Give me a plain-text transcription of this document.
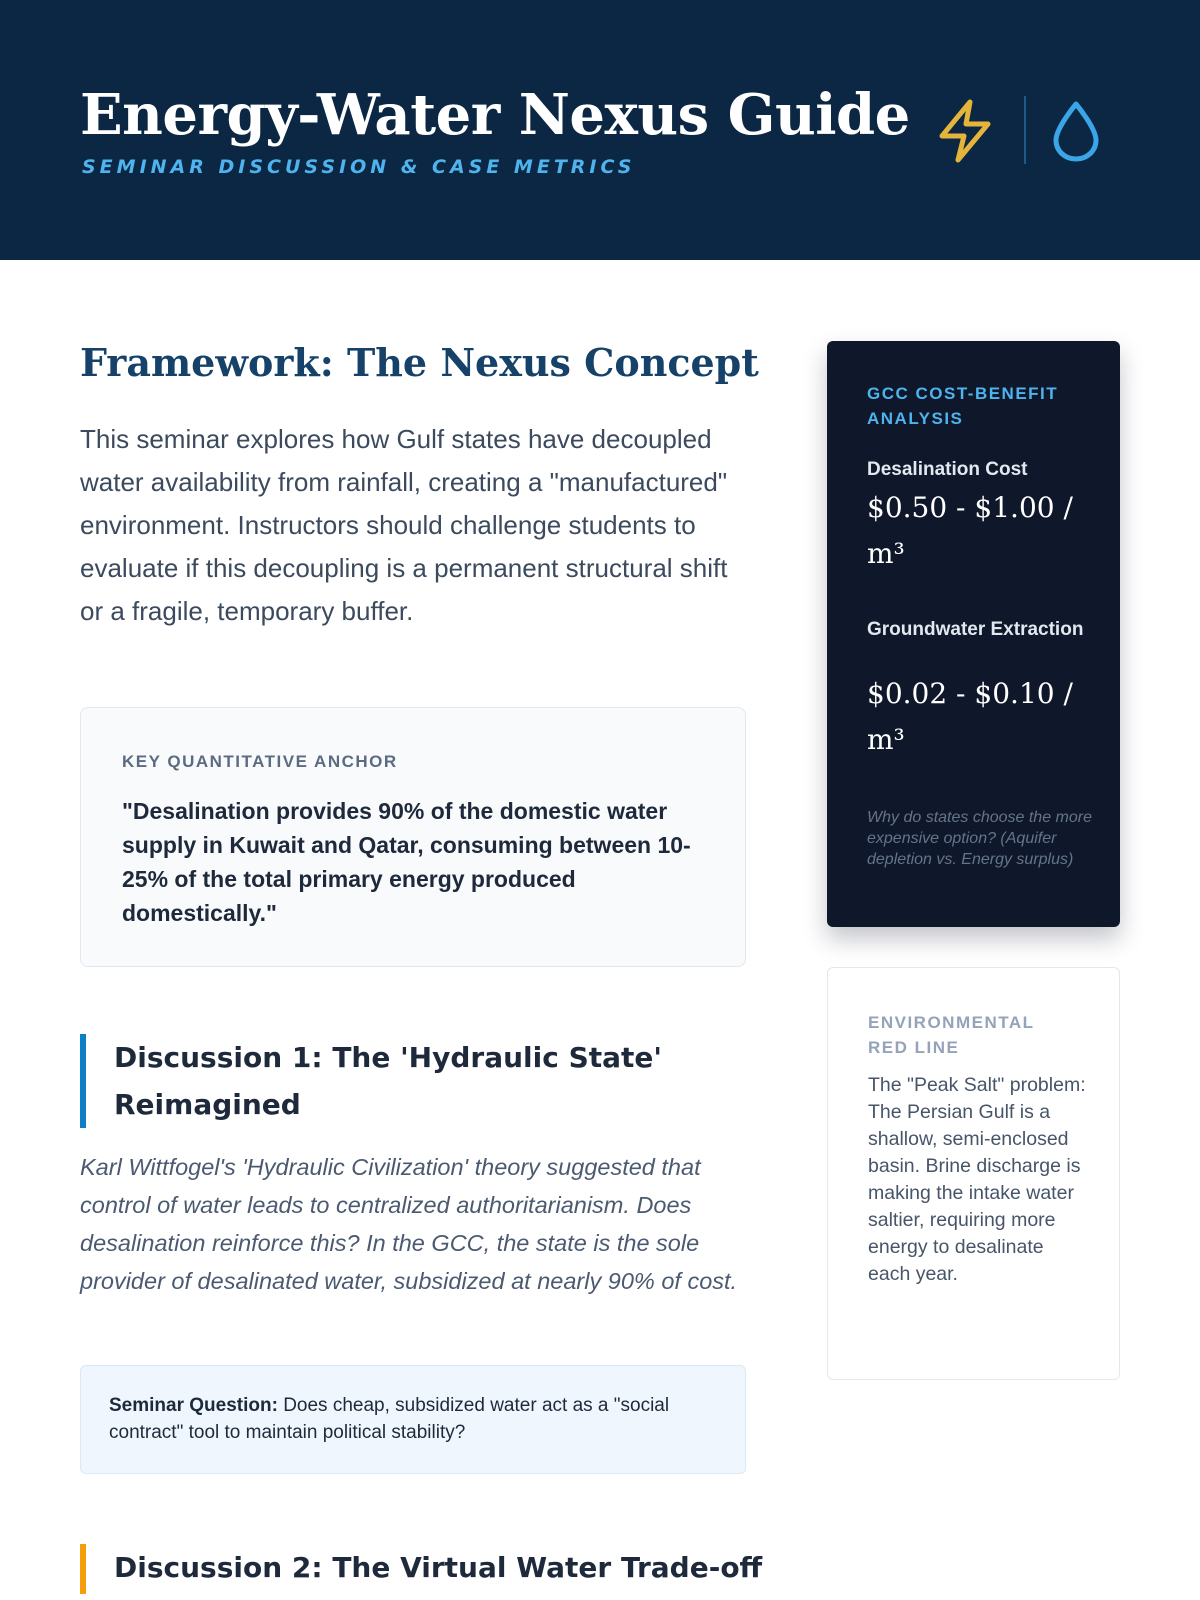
Energy-Water Nexus Guide
SEMINAR DISCUSSION & CASE METRICS
Framework: The Nexus Concept

This seminar explores how Gulf states have decoupled water availability from rainfall, creating a "manufactured" environment. Instructors should challenge students to evaluate if this decoupling is a permanent structural shift or a fragile, temporary buffer.

KEY QUANTITATIVE ANCHOR
"Desalination provides 90% of the domestic water supply in Kuwait and Qatar, consuming between 10-25% of the total primary energy produced domestically."
Discussion 1: The 'Hydraulic State' Reimagined

Karl Wittfogel's 'Hydraulic Civilization' theory suggested that control of water leads to centralized authoritarianism. Does desalination reinforce this? In the GCC, the state is the sole provider of desalinated water, subsidized at nearly 90% of cost.

Seminar Question: Does cheap, subsidized water act as a "social contract" tool to maintain political stability?

Discussion 2: The Virtual Water Trade-off
GCC COST-BENEFIT ANALYSIS
Desalination Cost
$0.50 - $1.00 / m³
Groundwater Extraction
$0.02 - $0.10 / m³
Why do states choose the more expensive option? (Aquifer depletion vs. Energy surplus)
ENVIRONMENTAL RED LINE
The "Peak Salt" problem: The Persian Gulf is a shallow, semi-enclosed basin. Brine discharge is making the intake water saltier, requiring more energy to desalinate each year.
